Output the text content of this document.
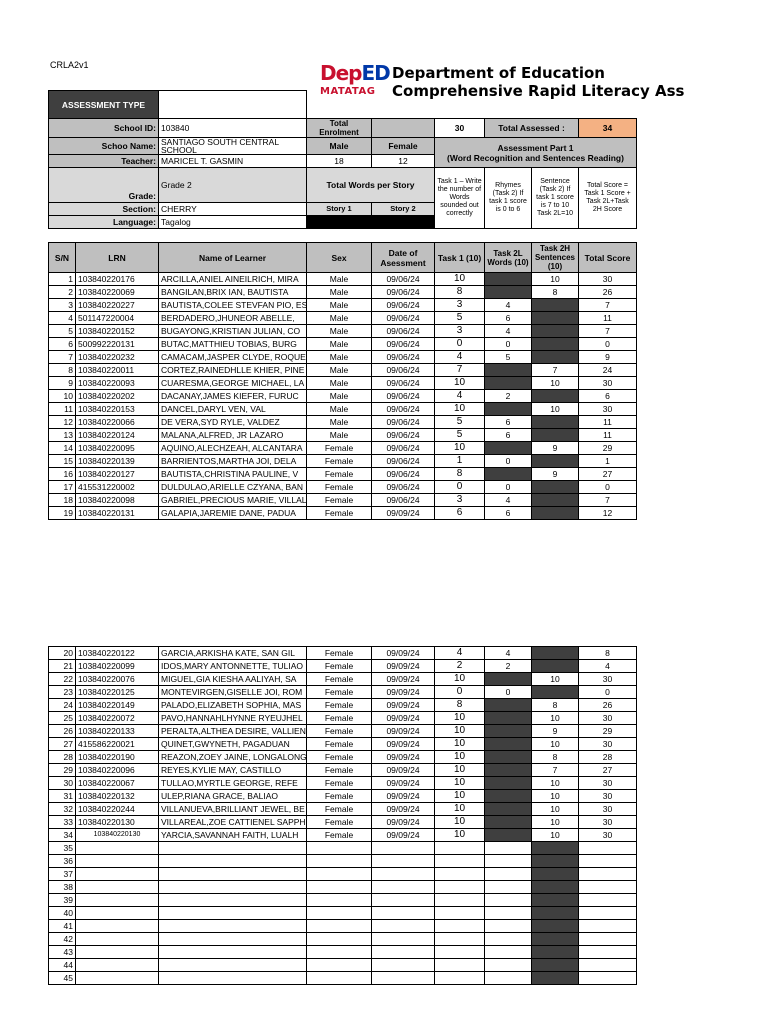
CRLA2v1	DepED
MATATAG
Department of Education
Comprehensive Rapid Literacy Ass
ASSESSMENT TYPE							
School ID:	103840	Total Enrolment		30	Total Assessed :		34
Schoo Name:	SANTIAGO SOUTH CENTRAL SCHOOL	Male	Female	Assessment Part 1
(Word Recognition and Sentences Reading)			
Teacher:	MARICEL T. GASMIN	18	12				
Grade:	Grade 2	Total Words per Story		Task 1 – Write the number of Words sounded out correctly	Rhymes (Task 2) If task 1 score is 0 to 6	Sentence (Task 2) If task 1 score is 7 to 10 Task 2L=10	Total Score = Task 1 Score + Task 2L+Task 2H Score

Section:	CHERRY	Story 1	Story 2				
Language:	Tagalog						
S/N	LRN	Name of Learner	Sex	Date of Asessment	Task 1 (10)	Task 2L Words (10)	Task 2H Sentences (10)	Total Score
1	103840220176	ARCILLA,ANIEL AINEILRICH, MIRA	Male	09/06/24	10		10	30
2	103840220069	BANGILAN,BRIX IAN, BAUTISTA	Male	09/06/24	8		8	26
3	103840220227	BAUTISTA,COLEE STEVFAN PIO, ES	Male	09/06/24	3	4		7
4	501147220004	BERDADERO,JHUNEOR ABELLE,	Male	09/06/24	5	6		11
5	103840220152	BUGAYONG,KRISTIAN JULIAN, CO	Male	09/06/24	3	4		7
6	500992220131	BUTAC,MATTHIEU TOBIAS, BURG	Male	09/06/24	0	0		0
7	103840220232	CAMACAM,JASPER CLYDE, ROQUE	Male	09/06/24	4	5		9
8	103840220011	CORTEZ,RAINEDHLLE KHIER, PINE	Male	09/06/24	7		7	24
9	103840220093	CUARESMA,GEORGE MICHAEL, LA	Male	09/06/24	10		10	30
10	103840220202	DACANAY,JAMES KIEFER, FURUC	Male	09/06/24	4	2		6
11	103840220153	DANCEL,DARYL VEN, VAL	Male	09/06/24	10		10	30
12	103840220066	DE VERA,SYD RYLE, VALDEZ	Male	09/06/24	5	6		11
13	103840220124	MALANA,ALFRED, JR LAZARO	Male	09/06/24	5	6		11
14	103840220095	AQUINO,ALECHZEAH, ALCANTARA	Female	09/06/24	10		9	29
15	103840220139	BARRIENTOS,MARTHA JOI, DELA	Female	09/06/24	1	0		1
16	103840220127	BAUTISTA,CHRISTINA PAULINE, V	Female	09/06/24	8		9	27
17	415531220002	DULDULAO,ARIELLE CZYANA, BAN	Female	09/06/24	0	0		0
18	103840220098	GABRIEL,PRECIOUS MARIE, VILLAL	Female	09/06/24	3	4		7
19	103840220131	GALAPIA,JAREMIE DANE, PADUA	Female	09/09/24	6	6		12
20	103840220122	GARCIA,ARKISHA KATE, SAN GIL	Female	09/09/24	4	4		8
21	103840220099	IDOS,MARY ANTONNETTE, TULIAO	Female	09/09/24	2	2		4
22	103840220076	MIGUEL,GIA KIESHA AALIYAH, SA	Female	09/09/24	10		10	30
23	103840220125	MONTEVIRGEN,GISELLE JOI, ROM	Female	09/09/24	0	0		0
24	103840220149	PALADO,ELIZABETH SOPHIA, MAS	Female	09/09/24	8		8	26
25	103840220072	PAVO,HANNAHLHYNNE RYEUJHEL	Female	09/09/24	10		10	30
26	103840220133	PERALTA,ALTHEA DESIRE, VALLIEN	Female	09/09/24	10		9	29
27	415586220021	QUINET,GWYNETH, PAGADUAN	Female	09/09/24	10		10	30
28	103840220190	REAZON,ZOEY JAINE, LONGALONG	Female	09/09/24	10		8	28
29	103840220096	REYES,KYLIE MAY, CASTILLO	Female	09/09/24	10		7	27
30	103840220067	TULLAO,MYRTLE GEORGE, REFE	Female	09/09/24	10		10	30
31	103840220132	ULEP,RIANA GRACE, BALIAO	Female	09/09/24	10		10	30
32	103840220244	VILLANUEVA,BRILLIANT JEWEL, BE	Female	09/09/24	10		10	30
33	103840220130	VILLAREAL,ZOE CATTIENEL SAPPH	Female	09/09/24	10		10	30
34	103840220130	YARCIA,SAVANNAH FAITH, LUALH	Female	09/09/24	10		10	30
35								
36								
37								
38								
39								
40								
41								
42								
43								
44								
45								
